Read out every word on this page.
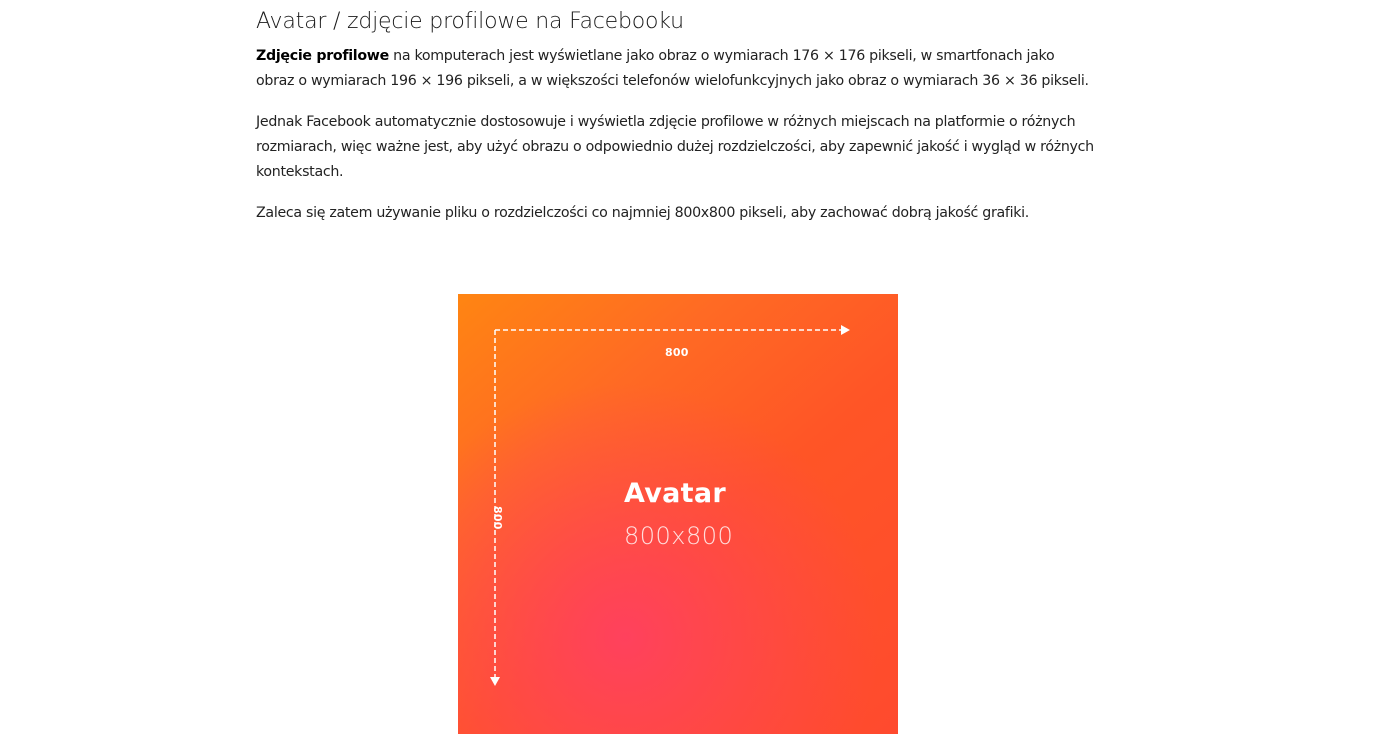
Avatar / zdjęcie profilowe na Facebooku

Zdjęcie profilowe na komputerach jest wyświetlane jako obraz o wymiarach 176 × 176 pikseli, w smartfonach jako obraz o wymiarach 196 × 196 pikseli, a w większości telefonów wielofunkcyjnych jako obraz o wymiarach 36 × 36 pikseli.

Jednak Facebook automatycznie dostosowuje i wyświetla zdjęcie profilowe w różnych miejscach na platformie o różnych rozmiarach, więc ważne jest, aby użyć obrazu o odpowiednio dużej rozdzielczości, aby zapewnić jakość i wygląd w różnych kontekstach.

Zaleca się zatem używanie pliku o rozdzielczości co najmniej 800x800 pikseli, aby zachować dobrą jakość grafiki.

800
800
Avatar
800x800
